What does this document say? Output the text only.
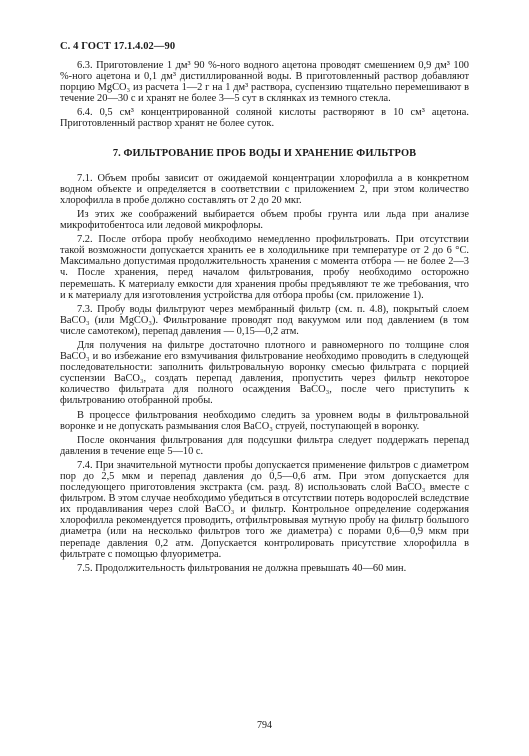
С. 4 ГОСТ 17.1.4.02—90

6.3. Приготовление 1 дм³ 90 %-ного водного ацетона проводят смешением 0,9 дм³ 100 %-ного ацетона и 0,1 дм³ дистиллированной воды. В приготовленный раствор добавляют порцию MgCO₃ из расчета 1—2 г на 1 дм³ раствора, суспензию тщательно перемешивают в течение 20—30 с и хранят не более 3—5 сут в склянках из темного стекла.

6.4. 0,5 см³ концентрированной соляной кислоты растворяют в 10 см³ ацетона. Приготовленный раствор хранят не более суток.

7. ФИЛЬТРОВАНИЕ ПРОБ ВОДЫ И ХРАНЕНИЕ ФИЛЬТРОВ

7.1. Объем пробы зависит от ожидаемой концентрации хлорофилла a в конкретном водном объекте и определяется в соответствии с приложением 2, при этом количество хлорофилла в пробе должно составлять от 2 до 20 мкг.

Из этих же соображений выбирается объем пробы грунта или льда при анализе микрофитобентоса или ледовой микрофлоры.

7.2. После отбора пробу необходимо немедленно профильтровать. При отсутствии такой возможности допускается хранить ее в холодильнике при температуре от 2 до 6 °С. Максимально допустимая продолжительность хранения с момента отбора — не более 2—3 ч. После хранения, перед началом фильтрования, пробу необходимо осторожно перемешать. К материалу емкости для хранения пробы предъявляют те же требования, что и к материалу для изготовления устройства для отбора пробы (см. приложение 1).

7.3. Пробу воды фильтруют через мембранный фильтр (см. п. 4.8), покрытый слоем BaCO₃ (или MgCO₃). Фильтрование проводят под вакуумом или под давлением (в том числе самотеком), перепад давления — 0,15—0,2 атм.

Для получения на фильтре достаточно плотного и равномерного по толщине слоя BaCO₃ и во избежание его взмучивания фильтрование необходимо проводить в следующей последовательности: заполнить фильтровальную воронку смесью фильтрата с порцией суспензии BaCO₃, создать перепад давления, пропустить через фильтр некоторое количество фильтрата для полного осаждения BaCO₃, после чего приступить к фильтрованию отобранной пробы.

В процессе фильтрования необходимо следить за уровнем воды в фильтровальной воронке и не допускать размывания слоя BaCO₃ струей, поступающей в воронку.

После окончания фильтрования для подсушки фильтра следует поддержать перепад давления в течение еще 5—10 с.

7.4. При значительной мутности пробы допускается применение фильтров с диаметром пор до 2,5 мкм и перепад давления до 0,5—0,6 атм. При этом допускается для последующего приготовления экстракта (см. разд. 8) использовать слой BaCO₃ вместе с фильтром. В этом случае необходимо убедиться в отсутствии потерь водорослей вследствие их продавливания через слой BaCO₃ и фильтр. Контрольное определение содержания хлорофилла рекомендуется проводить, отфильтровывая мутную пробу на фильтр большого диаметра (или на несколько фильтров того же диаметра) с порами 0,6—0,9 мкм при перепаде давления 0,2 атм. Допускается контролировать присутствие хлорофилла в фильтрате с помощью флуориметра.

7.5. Продолжительность фильтрования не должна превышать 40—60 мин.

794
